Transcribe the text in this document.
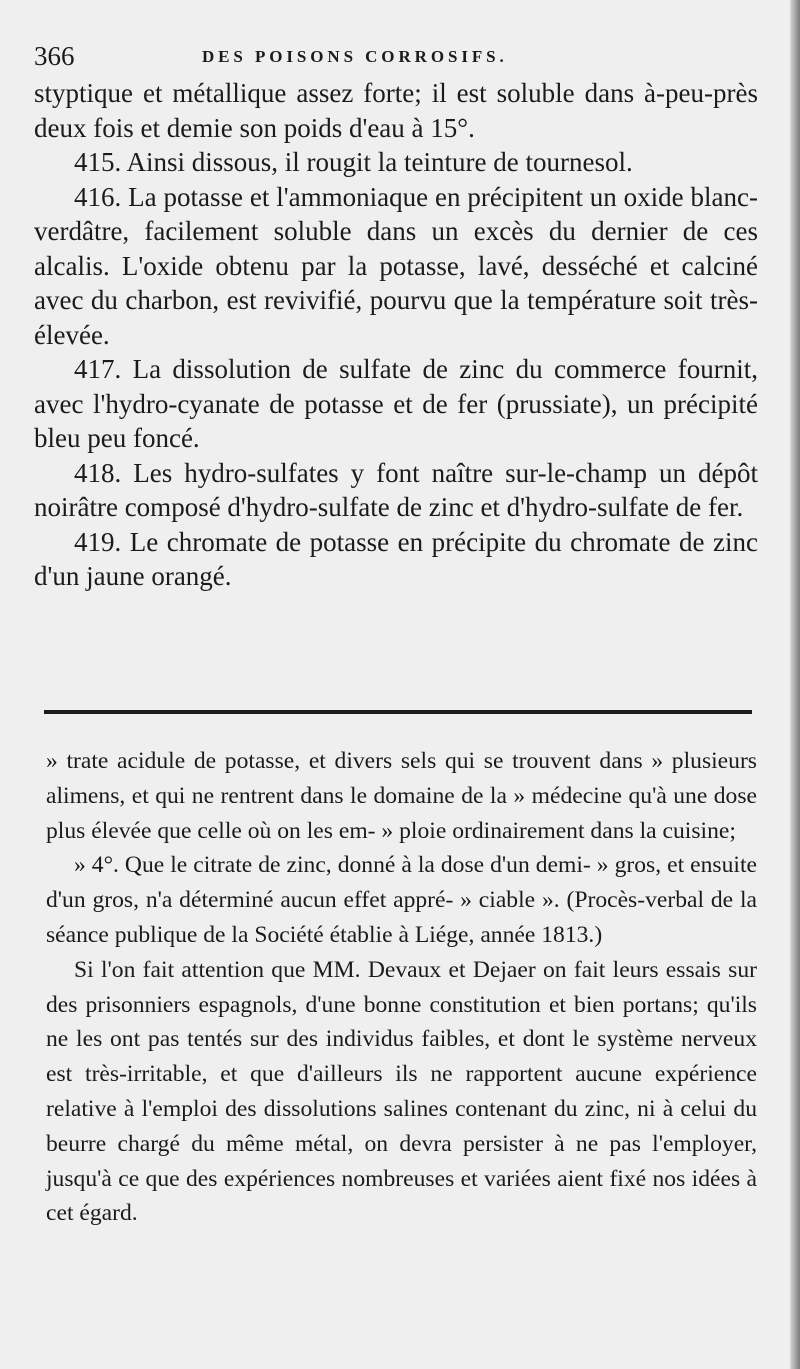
366	DES POISONS CORROSIFS.

styptique et métallique assez forte; il est soluble dans à-peu-près deux fois et demie son poids d'eau à 15°.

415. Ainsi dissous, il rougit la teinture de tournesol.

416. La potasse et l'ammoniaque en précipitent un oxide blanc-verdâtre, facilement soluble dans un excès du dernier de ces alcalis. L'oxide obtenu par la potasse, lavé, desséché et calciné avec du charbon, est revivifié, pourvu que la température soit très-élevée.

417. La dissolution de sulfate de zinc du commerce fournit, avec l'hydro-cyanate de potasse et de fer (prussiate), un précipité bleu peu foncé.

418. Les hydro-sulfates y font naître sur-le-champ un dépôt noirâtre composé d'hydro-sulfate de zinc et d'hydro-sulfate de fer.

419. Le chromate de potasse en précipite du chromate de zinc d'un jaune orangé.

» trate acidule de potasse, et divers sels qui se trouvent dans » plusieurs alimens, et qui ne rentrent dans le domaine de la » médecine qu'à une dose plus élevée que celle où on les em- » ploie ordinairement dans la cuisine;

» 4°. Que le citrate de zinc, donné à la dose d'un demi- » gros, et ensuite d'un gros, n'a déterminé aucun effet appré- » ciable ». (Procès-verbal de la séance publique de la Société établie à Liége, année 1813.)

Si l'on fait attention que MM. Devaux et Dejaer on fait leurs essais sur des prisonniers espagnols, d'une bonne constitution et bien portans; qu'ils ne les ont pas tentés sur des individus faibles, et dont le système nerveux est très-irritable, et que d'ailleurs ils ne rapportent aucune expérience relative à l'emploi des dissolutions salines contenant du zinc, ni à celui du beurre chargé du même métal, on devra persister à ne pas l'employer, jusqu'à ce que des expériences nombreuses et variées aient fixé nos idées à cet égard.
